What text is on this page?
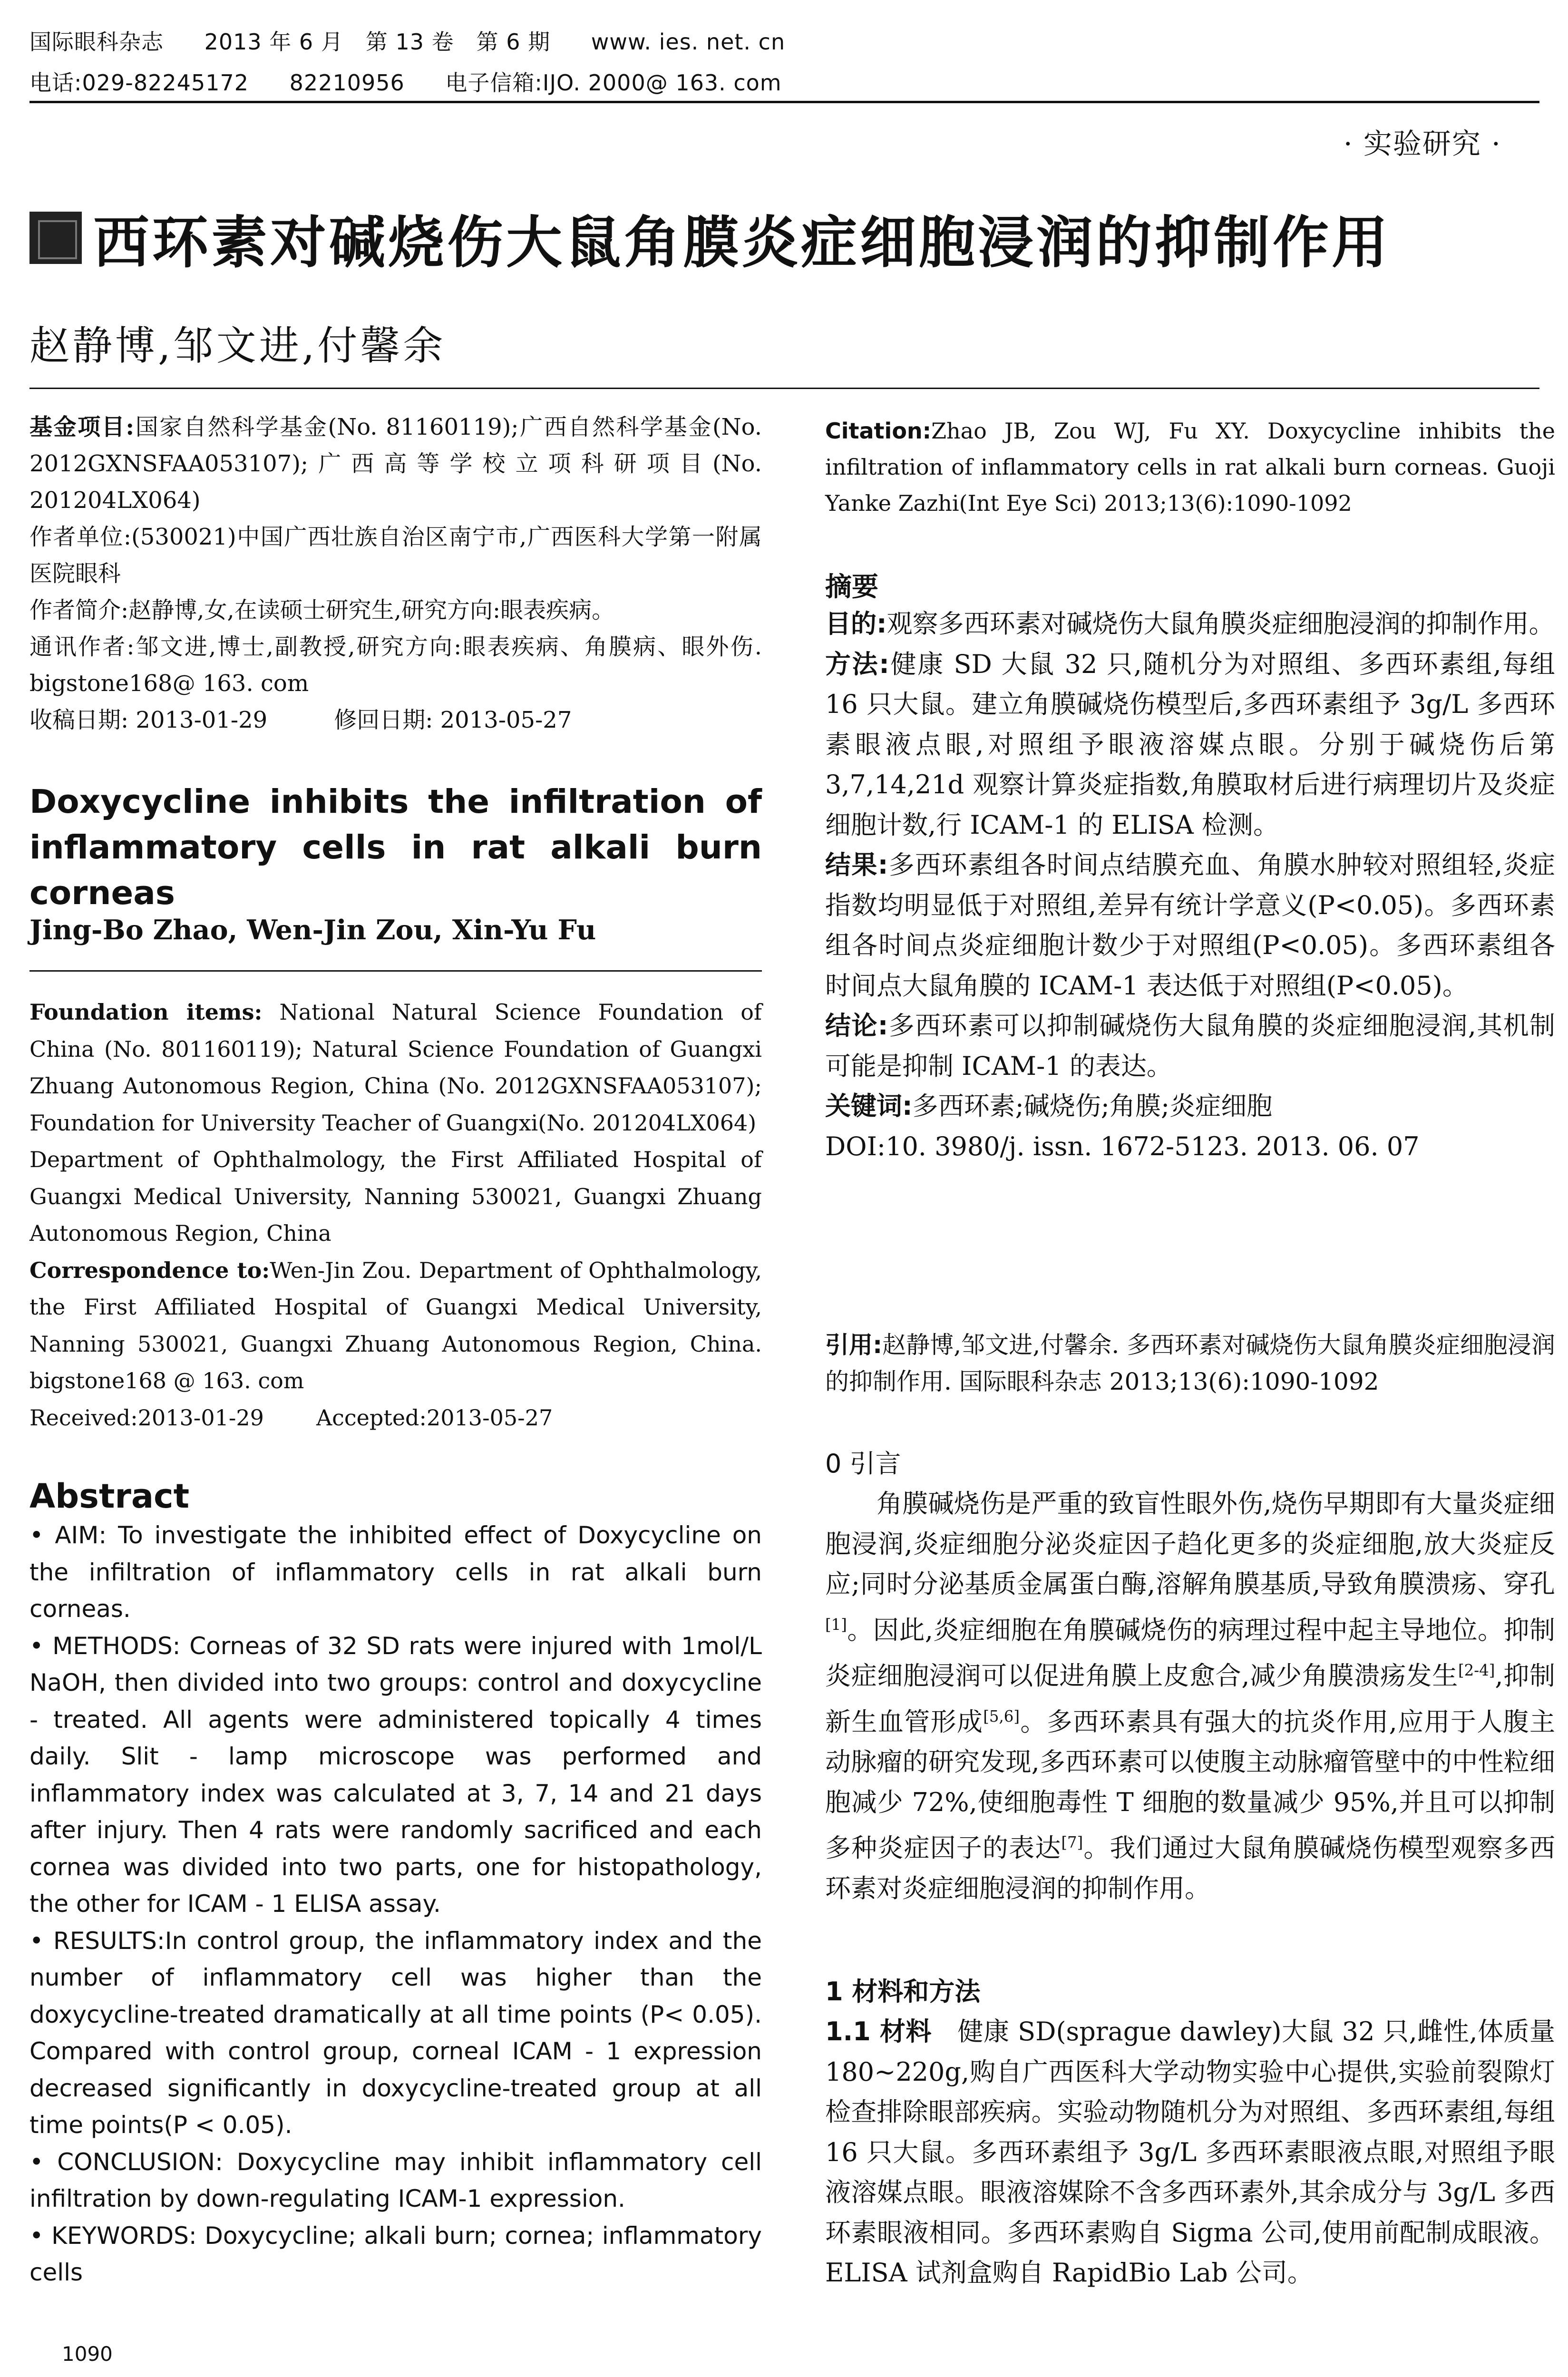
国际眼科杂志 2013 年 6 月　第 13 卷　第 6 期 www. ies. net. cn
电话:029-82245172 82210956 电子信箱:IJO. 2000@ 163. com
· 实验研究 ·
西环素对碱烧伤大鼠角膜炎症细胞浸润的抑制作用
赵静博,邹文进,付馨余

基金项目:国家自然科学基金(No. 81160119);广西自然科学基金(No. 2012GXNSFAA053107);广西高等学校立项科研项目(No. 201204LX064)

作者单位:(530021)中国广西壮族自治区南宁市,广西医科大学第一附属医院眼科

作者简介:赵静博,女,在读硕士研究生,研究方向:眼表疾病。

通讯作者:邹文进,博士,副教授,研究方向:眼表疾病、角膜病、眼外伤. bigstone168@ 163. com

收稿日期: 2013-01-29	修回日期: 2013-05-27

Doxycycline inhibits the infiltration of inflammatory cells in rat alkali burn corneas
Jing-Bo Zhao, Wen-Jin Zou, Xin-Yu Fu

Foundation items: National Natural Science Foundation of China (No. 801160119); Natural Science Foundation of Guangxi Zhuang Autonomous Region, China (No. 2012GXNSFAA053107); Foundation for University Teacher of Guangxi(No. 201204LX064)

Department of Ophthalmology, the First Affiliated Hospital of Guangxi Medical University, Nanning 530021, Guangxi Zhuang Autonomous Region, China

Correspondence to:Wen-Jin Zou. Department of Ophthalmology, the First Affiliated Hospital of Guangxi Medical University, Nanning 530021, Guangxi Zhuang Autonomous Region, China. bigstone168 @ 163. com

Received:2013-01-29 Accepted:2013-05-27

Abstract

• AIM: To investigate the inhibited effect of Doxycycline on the infiltration of inflammatory cells in rat alkali burn corneas.

• METHODS: Corneas of 32 SD rats were injured with 1mol/L NaOH, then divided into two groups: control and doxycycline - treated. All agents were administered topically 4 times daily. Slit - lamp microscope was performed and inflammatory index was calculated at 3, 7, 14 and 21 days after injury. Then 4 rats were randomly sacrificed and each cornea was divided into two parts, one for histopathology, the other for ICAM - 1 ELISA assay.

• RESULTS:In control group, the inflammatory index and the number of inflammatory cell was higher than the doxycycline-treated dramatically at all time points (P< 0.05). Compared with control group, corneal ICAM - 1 expression decreased significantly in doxycycline-treated group at all time points(P < 0.05).

• CONCLUSION: Doxycycline may inhibit inflammatory cell infiltration by down-regulating ICAM-1 expression.

• KEYWORDS: Doxycycline; alkali burn; cornea; inflammatory cells

1090
Citation:Zhao JB, Zou WJ, Fu XY. Doxycycline inhibits the infiltration of inflammatory cells in rat alkali burn corneas. Guoji Yanke Zazhi(Int Eye Sci) 2013;13(6):1090-1092
摘要

目的:观察多西环素对碱烧伤大鼠角膜炎症细胞浸润的抑制作用。

方法:健康 SD 大鼠 32 只,随机分为对照组、多西环素组,每组 16 只大鼠。建立角膜碱烧伤模型后,多西环素组予 3g/L 多西环素眼液点眼,对照组予眼液溶媒点眼。分别于碱烧伤后第 3,7,14,21d 观察计算炎症指数,角膜取材后进行病理切片及炎症细胞计数,行 ICAM-1 的 ELISA 检测。

结果:多西环素组各时间点结膜充血、角膜水肿较对照组轻,炎症指数均明显低于对照组,差异有统计学意义(P<0.05)。多西环素组各时间点炎症细胞计数少于对照组(P<0.05)。多西环素组各时间点大鼠角膜的 ICAM-1 表达低于对照组(P<0.05)。

结论:多西环素可以抑制碱烧伤大鼠角膜的炎症细胞浸润,其机制可能是抑制 ICAM-1 的表达。

关键词:多西环素;碱烧伤;角膜;炎症细胞

DOI:10. 3980/j. issn. 1672-5123. 2013. 06. 07

引用:赵静博,邹文进,付馨余. 多西环素对碱烧伤大鼠角膜炎症细胞浸润的抑制作用. 国际眼科杂志 2013;13(6):1090-1092

0 引言

角膜碱烧伤是严重的致盲性眼外伤,烧伤早期即有大量炎症细胞浸润,炎症细胞分泌炎症因子趋化更多的炎症细胞,放大炎症反应;同时分泌基质金属蛋白酶,溶解角膜基质,导致角膜溃疡、穿孔[1]。因此,炎症细胞在角膜碱烧伤的病理过程中起主导地位。抑制炎症细胞浸润可以促进角膜上皮愈合,减少角膜溃疡发生[2-4],抑制新生血管形成[5,6]。多西环素具有强大的抗炎作用,应用于人腹主动脉瘤的研究发现,多西环素可以使腹主动脉瘤管壁中的中性粒细胞减少 72%,使细胞毒性 T 细胞的数量减少 95%,并且可以抑制多种炎症因子的表达[7]。我们通过大鼠角膜碱烧伤模型观察多西环素对炎症细胞浸润的抑制作用。

1 材料和方法

1.1 材料　健康 SD(sprague dawley)大鼠 32 只,雌性,体质量 180~220g,购自广西医科大学动物实验中心提供,实验前裂隙灯检查排除眼部疾病。实验动物随机分为对照组、多西环素组,每组 16 只大鼠。多西环素组予 3g/L 多西环素眼液点眼,对照组予眼液溶媒点眼。眼液溶媒除不含多西环素外,其余成分与 3g/L 多西环素眼液相同。多西环素购自 Sigma 公司,使用前配制成眼液。ELISA 试剂盒购自 RapidBio Lab 公司。
